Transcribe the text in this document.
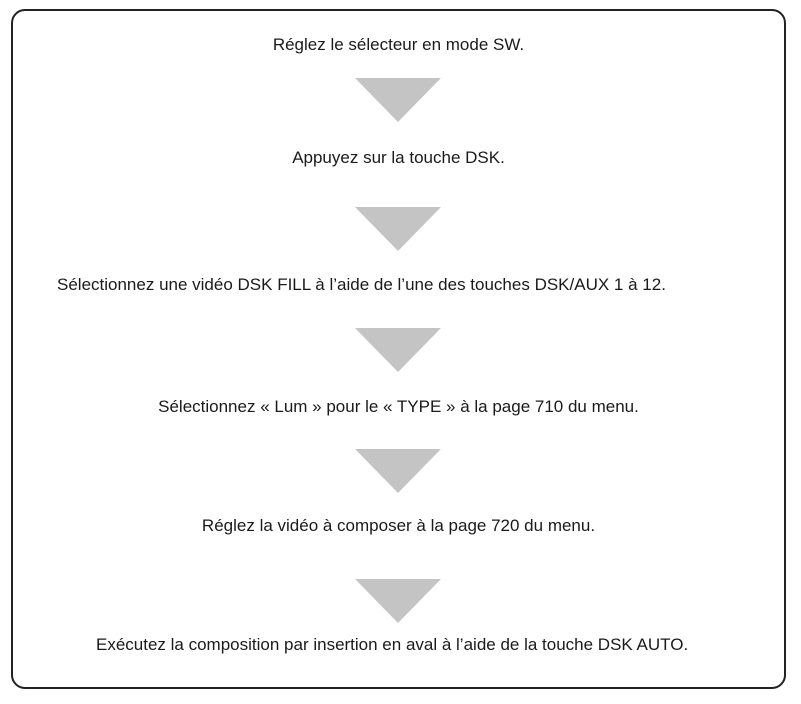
Réglez le sélecteur en mode SW.

Appuyez sur la touche DSK.

Sélectionnez une vidéo DSK FILL à l’aide de l’une des touches DSK/AUX 1 à 12.

Sélectionnez « Lum » pour le « TYPE » à la page 710 du menu.

Réglez la vidéo à composer à la page 720 du menu.

Exécutez la composition par insertion en aval à l’aide de la touche DSK AUTO.
